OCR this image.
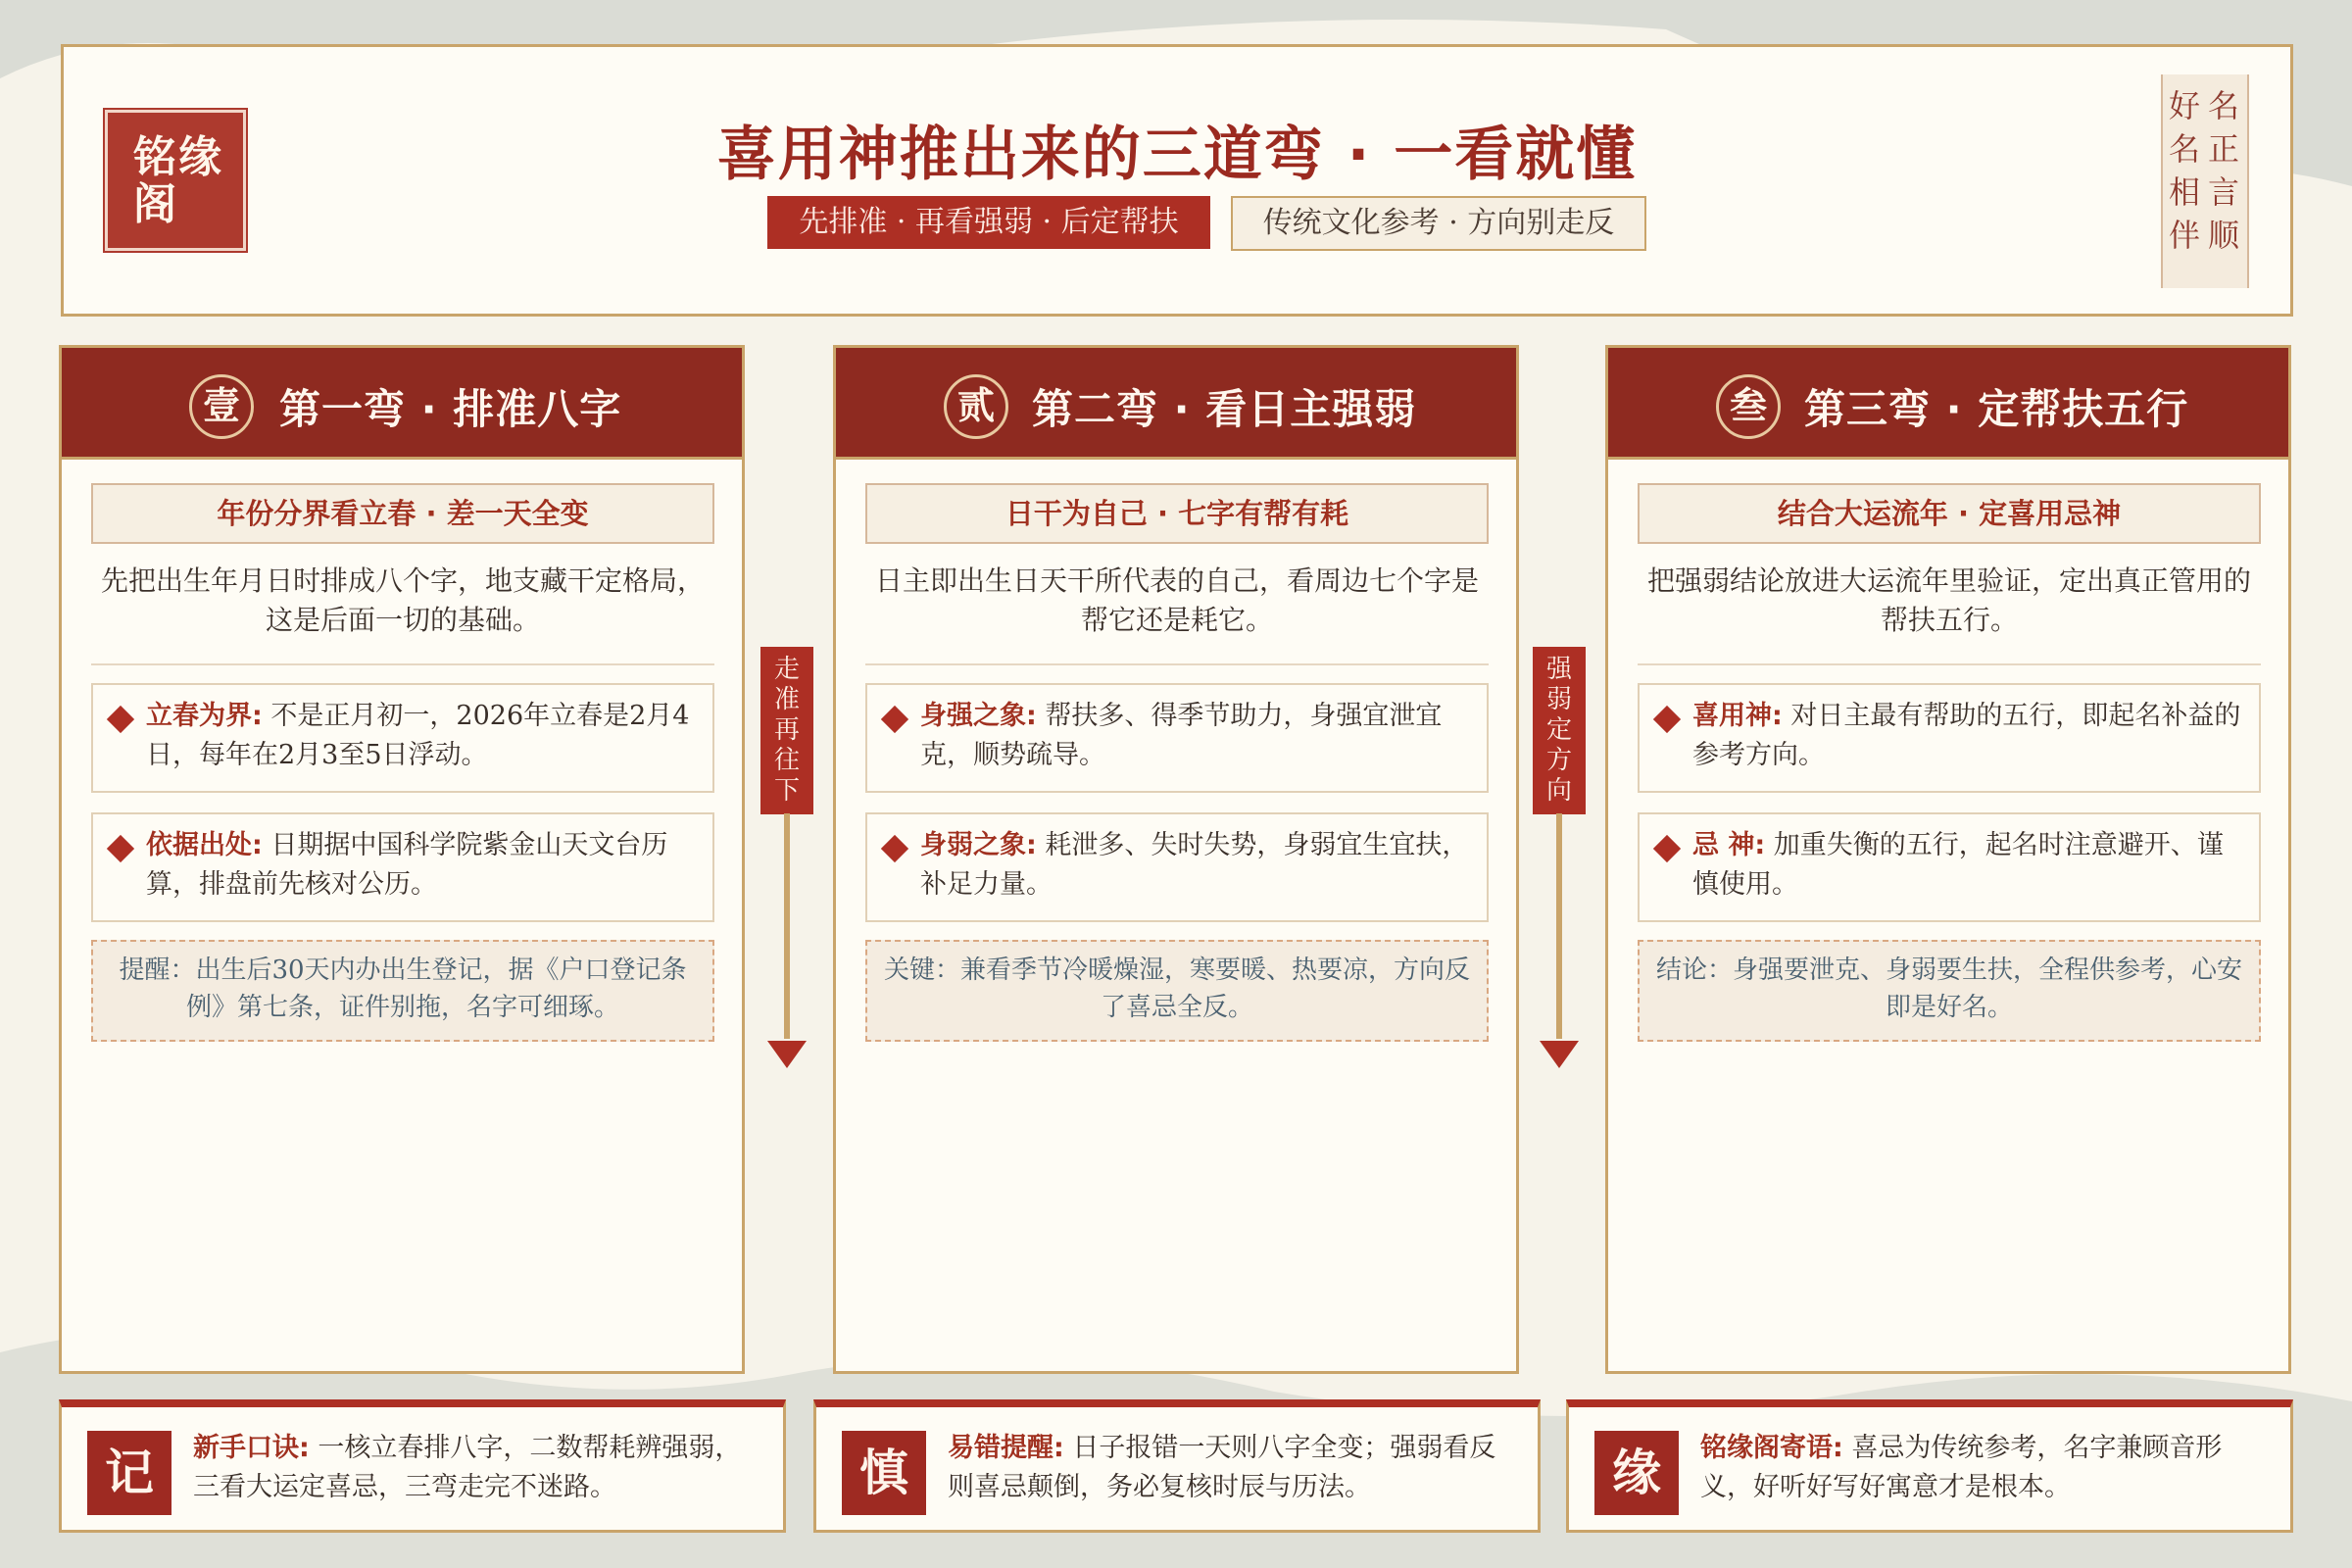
铭缘阁
喜用神推出来的三道弯 · 一看就懂
先排准 · 再看强弱 · 后定帮扶	传统文化参考 · 方向别走反
名正言顺
好名相伴
壹 第一弯 · 排准八字
年份分界看立春 · 差一天全变
先把出生年月日时排成八个字，地支藏干定格局，这是后面一切的基础。
立春为界: 不是正月初一，2026年立春是2月4日，每年在2月3至5日浮动。
依据出处: 日期据中国科学院紫金山天文台历算，排盘前先核对公历。
提醒：出生后30天内办出生登记，据《户口登记条例》第七条，证件别拖，名字可细琢。
走准再往下
贰 第二弯 · 看日主强弱
日干为自己 · 七字有帮有耗
日主即出生日天干所代表的自己，看周边七个字是帮它还是耗它。
身强之象: 帮扶多、得季节助力，身强宜泄宜克，顺势疏导。
身弱之象: 耗泄多、失时失势，身弱宜生宜扶，补足力量。
关键：兼看季节冷暖燥湿，寒要暖、热要凉，方向反了喜忌全反。
强弱定方向
叁 第三弯 · 定帮扶五行
结合大运流年 · 定喜用忌神
把强弱结论放进大运流年里验证，定出真正管用的帮扶五行。
喜用神: 对日主最有帮助的五行，即起名补益的参考方向。
忌 神: 加重失衡的五行，起名时注意避开、谨慎使用。
结论：身强要泄克、身弱要生扶，全程供参考，心安即是好名。
记	新手口诀: 一核立春排八字，二数帮耗辨强弱，三看大运定喜忌，三弯走完不迷路。	慎	易错提醒: 日子报错一天则八字全变；强弱看反则喜忌颠倒，务必复核时辰与历法。	缘	铭缘阁寄语: 喜忌为传统参考，名字兼顾音形义，好听好写好寓意才是根本。
